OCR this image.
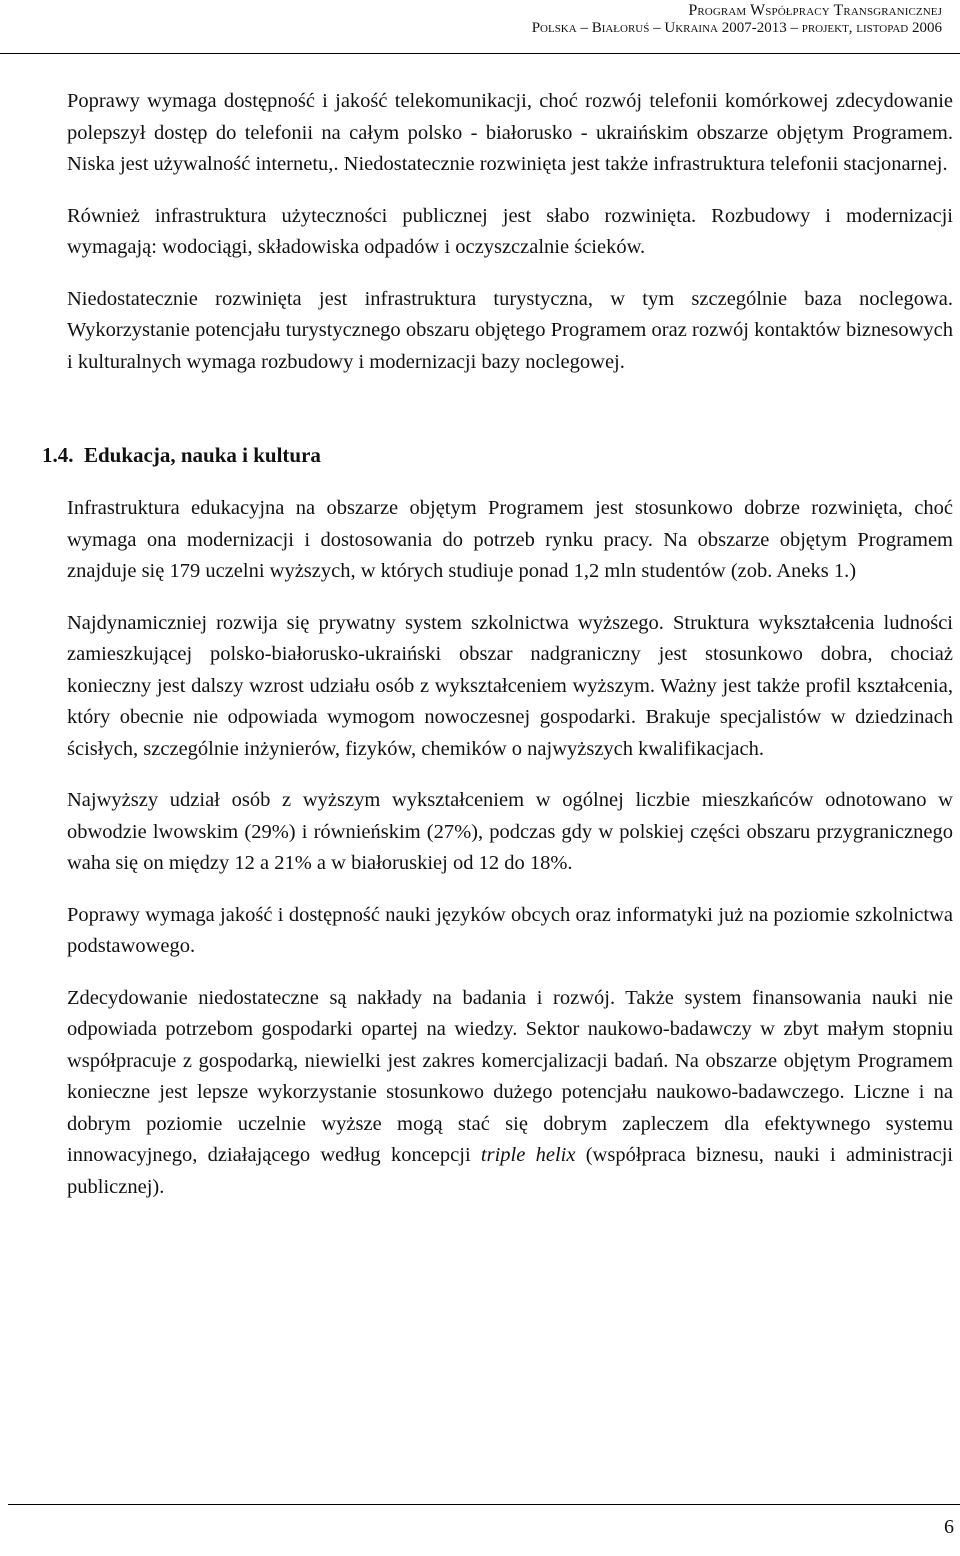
Program Współpracy Transgranicznej
Polska – Białoruś – Ukraina 2007-2013 – projekt, listopad 2006

Poprawy wymaga dostępność i jakość telekomunikacji, choć rozwój telefonii komórkowej zdecydowanie polepszył dostęp do telefonii na całym polsko - białorusko - ukraińskim obszarze objętym Programem. Niska jest używalność internetu,. Niedostatecznie rozwinięta jest także infrastruktura telefonii stacjonarnej.

Również infrastruktura użyteczności publicznej jest słabo rozwinięta. Rozbudowy i modernizacji wymagają: wodociągi, składowiska odpadów i oczyszczalnie ścieków.

Niedostatecznie rozwinięta jest infrastruktura turystyczna, w tym szczególnie baza noclegowa. Wykorzystanie potencjału turystycznego obszaru objętego Programem oraz rozwój kontaktów biznesowych i kulturalnych wymaga rozbudowy i modernizacji bazy noclegowej.

1.4. Edukacja, nauka i kultura

Infrastruktura edukacyjna na obszarze objętym Programem jest stosunkowo dobrze rozwinięta, choć wymaga ona modernizacji i dostosowania do potrzeb rynku pracy. Na obszarze objętym Programem znajduje się 179 uczelni wyższych, w których studiuje ponad 1,2 mln studentów (zob. Aneks 1.)

Najdynamiczniej rozwija się prywatny system szkolnictwa wyższego. Struktura wykształcenia ludności zamieszkującej polsko-białorusko-ukraiński obszar nadgraniczny jest stosunkowo dobra, chociaż konieczny jest dalszy wzrost udziału osób z wykształceniem wyższym. Ważny jest także profil kształcenia, który obecnie nie odpowiada wymogom nowoczesnej gospodarki. Brakuje specjalistów w dziedzinach ścisłych, szczególnie inżynierów, fizyków, chemików o najwyższych kwalifikacjach.

Najwyższy udział osób z wyższym wykształceniem w ogólnej liczbie mieszkańców odnotowano w obwodzie lwowskim (29%) i równieńskim (27%), podczas gdy w polskiej części obszaru przygranicznego waha się on między 12 a 21% a w białoruskiej od 12 do 18%.

Poprawy wymaga jakość i dostępność nauki języków obcych oraz informatyki już na poziomie szkolnictwa podstawowego.

Zdecydowanie niedostateczne są nakłady na badania i rozwój. Także system finansowania nauki nie odpowiada potrzebom gospodarki opartej na wiedzy. Sektor naukowo-badawczy w zbyt małym stopniu współpracuje z gospodarką, niewielki jest zakres komercjalizacji badań. Na obszarze objętym Programem konieczne jest lepsze wykorzystanie stosunkowo dużego potencjału naukowo-badawczego. Liczne i na dobrym poziomie uczelnie wyższe mogą stać się dobrym zapleczem dla efektywnego systemu innowacyjnego, działającego według koncepcji triple helix (współpraca biznesu, nauki i administracji publicznej).

6
